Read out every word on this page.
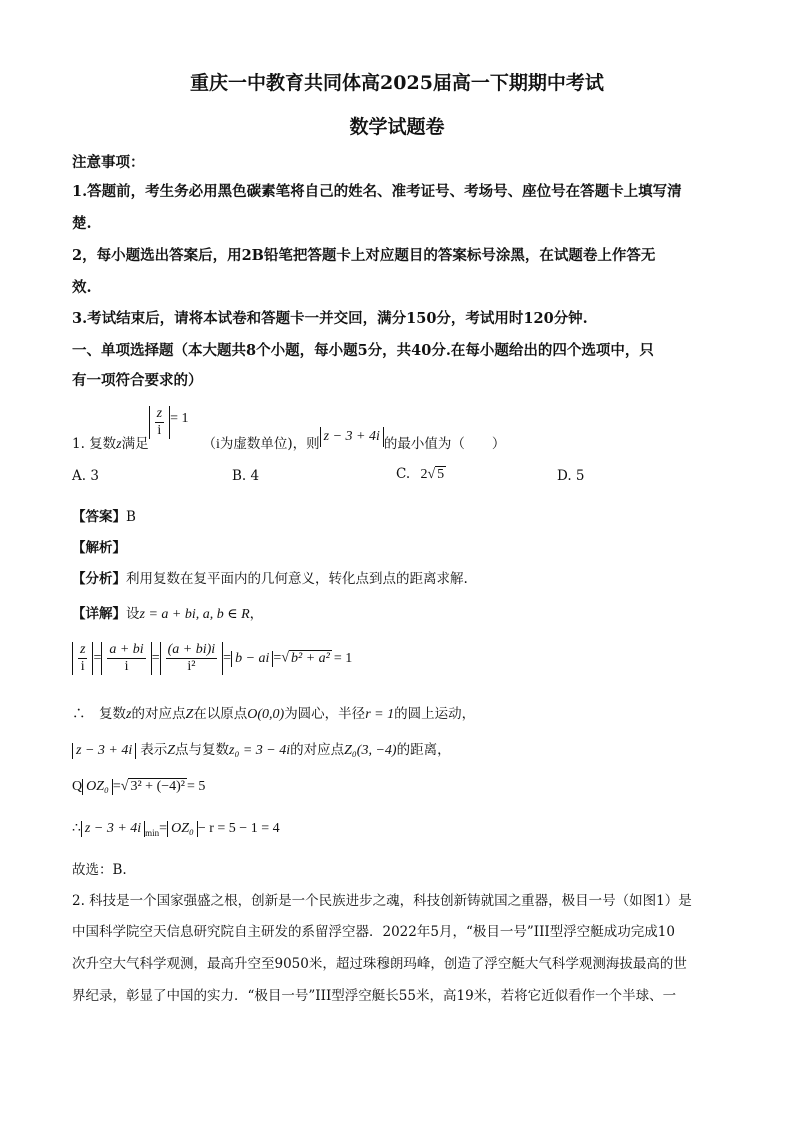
重庆一中教育共同体高2025届高一下期期中考试
数学试题卷
注意事项：
1.答题前，考生务必用黑色碳素笔将自己的姓名、准考证号、考场号、座位号在答题卡上填写清
楚.
2，每小题选出答案后，用2B铅笔把答题卡上对应题目的答案标号涂黑，在试题卷上作答无
效.
3.考试结束后，请将本试卷和答题卡一并交回，满分150分，考试用时120分钟.
一、单项选择题（本大题共8个小题，每小题5分，共40分.在每小题给出的四个选项中，只
有一项符合要求的）
1. 复数z满足
$\frac{z}{i} = 1(i$为虚数单位)，则 z − 3 + 4i 的最小值为（　　）
A. 3	B. 4	C. 2√ 5	D. 5
【答案】B
【解析】
【分析】利用复数在复平面内的几何意义，转化点到点的距离求解.
【详解】设z = a + bi, a, b ∈ R，
$\frac{z}{i} = \frac{a + bi}{i} = \frac{(a + bi)i}{\text{i²}} = b$ − ai =√ b² + a² = 1
∴　复数z的对应点Z在以原点O(0,0)为圆心，半径r = 1的圆上运动，
z − 3 + 4i 表示Z点与复数z₀ = 3 − 4i的对应点Z₀(3, −4)的距离，
Q OZ₀ =√ 3² + (−4)² = 5
∴ z − 3 + 4i $_{min}$= OZ₀ − r = 5 − 1 = 4
故选：B.
2. 科技是一个国家强盛之根，创新是一个民族进步之魂，科技创新铸就国之重器，极目一号（如图1）是
中国科学院空天信息研究院自主研发的系留浮空器．2022年5月，“极目一号”III型浮空艇成功完成10
次升空大气科学观测，最高升空至9050米，超过珠穆朗玛峰，创造了浮空艇大气科学观测海拔最高的世
界纪录，彰显了中国的实力．“极目一号”III型浮空艇长55米，高19米，若将它近似看作一个半球、一
